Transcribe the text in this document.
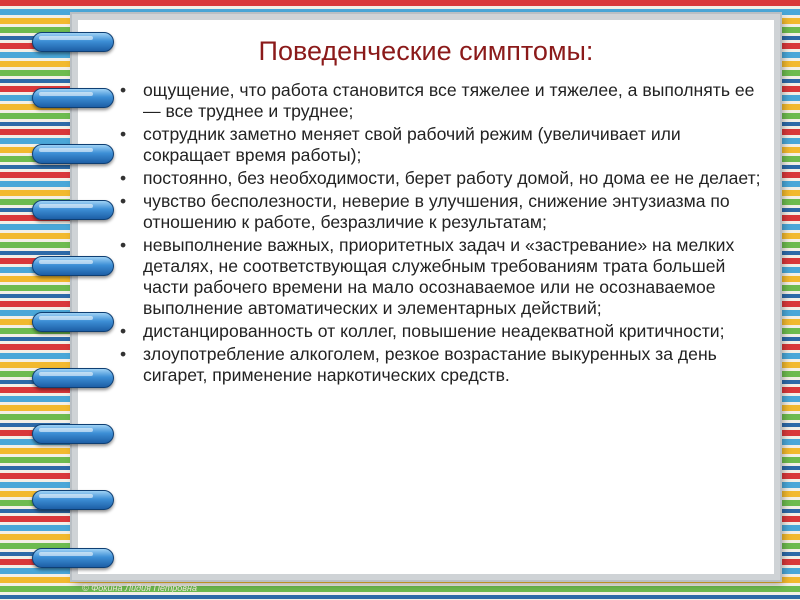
Поведенческие симптомы:
• ощущение, что работа становится все тяжелее и тяжелее, а выполнять ее — все труднее и труднее;
• сотрудник заметно меняет свой рабочий режим (увеличивает или сокращает время работы);
• постоянно, без необходимости, берет работу домой, но дома ее не делает;
• чувство бесполезности, неверие в улучшения, снижение энтузиазма по отношению к работе, безразличие к результатам;
• невыполнение важных, приоритетных задач и «застревание» на мелких деталях, не соответствующая служебным требованиям трата большей части рабочего времени на мало осознаваемое или не осознаваемое выполнение автоматических и элементарных действий;
• дистанцированность от коллег, повышение неадекватной критичности;
• злоупотребление алкоголем, резкое возрастание выкуренных за день сигарет, применение наркотических средств.
© Фокина Лидия Петровна
